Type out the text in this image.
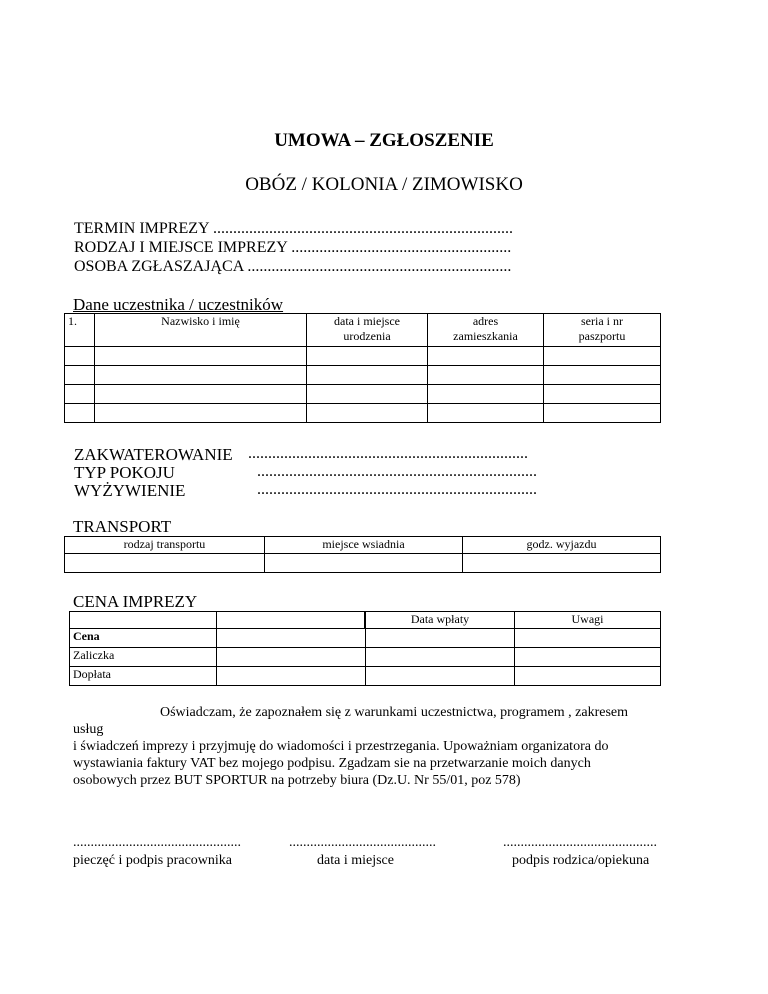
UMOWA – ZGŁOSZENIE
OBÓZ / KOLONIA / ZIMOWISKO
TERMIN IMPREZY ...........................................................................
RODZAJ I MIEJSCE IMPREZY .......................................................
OSOBA ZGŁASZAJĄCA ..................................................................
Dane uczestnika / uczestników
1.	Nazwisko i imię	data i miejsce urodzenia	adres zamieszkania	seria i nr paszportu

ZAKWATEROWANIE ......................................................................
TYP POKOJU	......................................................................
WYŻYWIENIE	......................................................................
TRANSPORT
rodzaj transportu	miejsce wsiadnia	godz. wyjazdu

CENA IMPREZY
			Data wpłaty	Uwagi
Cena			
Zaliczka			
Dopłata			
Oświadczam, że zapoznałem się z warunkami uczestnictwa, programem , zakresem
usług
i świadczeń imprezy i przyjmuję do wiadomości i przestrzegania. Upoważniam organizatora do
wystawiania faktury VAT bez mojego podpisu. Zgadzam sie na przetwarzanie moich danych
osobowych przez BUT SPORTUR na potrzeby biura (Dz.U. Nr 55/01, poz 578)
................................................
pieczęć i podpis pracownika
..........................................
data i miejsce
............................................
podpis rodzica/opiekuna
